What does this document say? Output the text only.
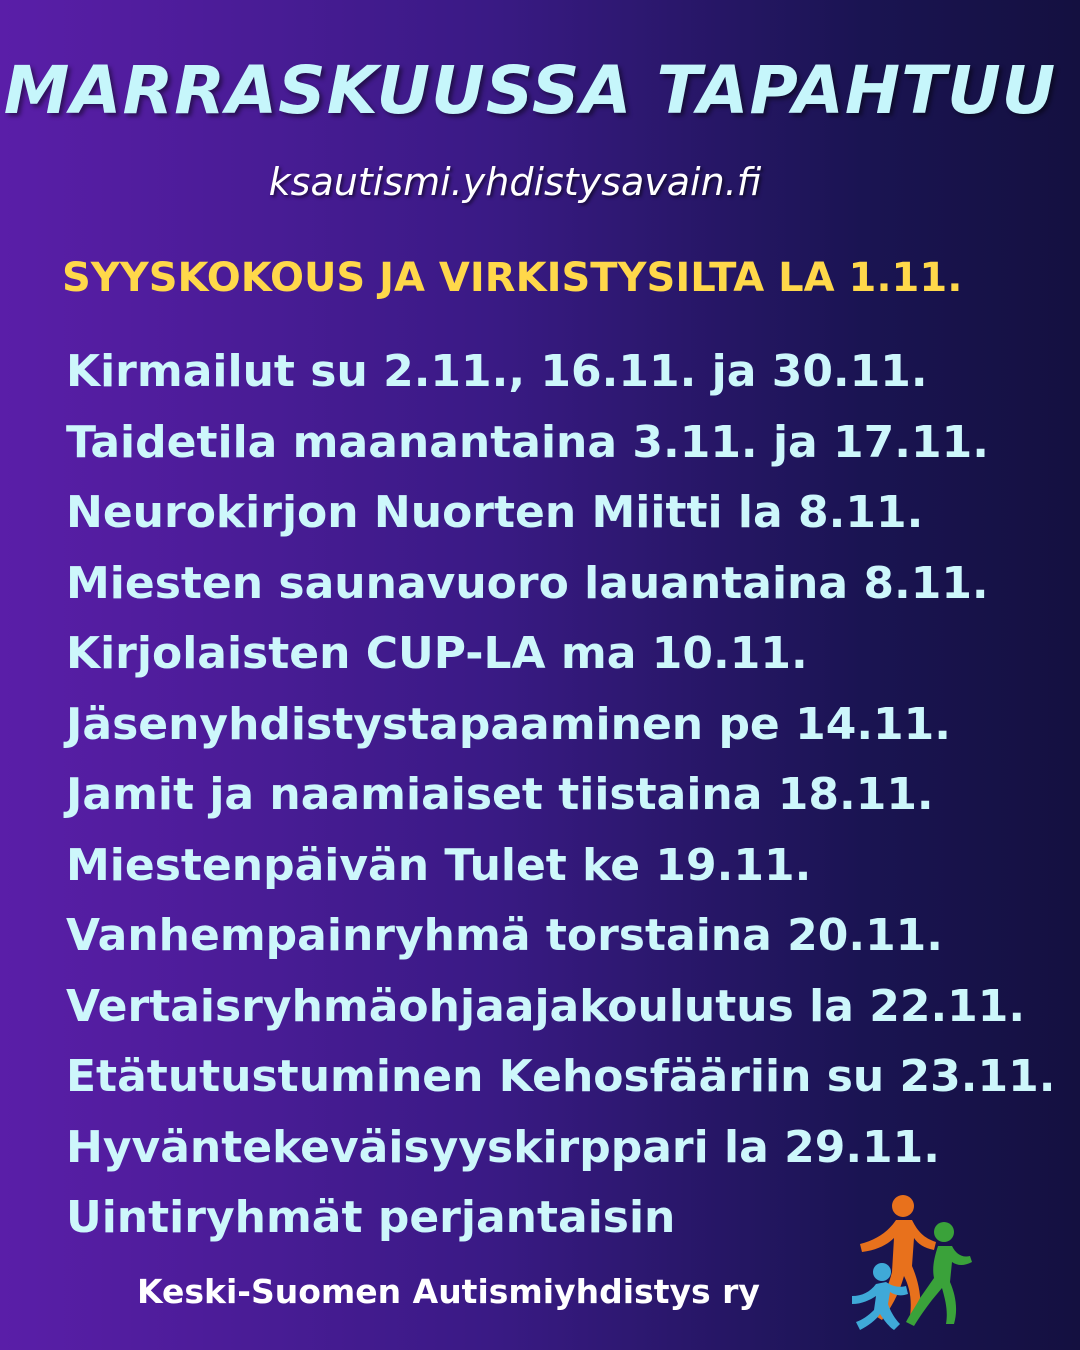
MARRASKUUSSA TAPAHTUU
ksautismi.yhdistysavain.fi
SYYSKOKOUS JA VIRKISTYSILTA LA 1.11.
Kirmailut su 2.11., 16.11. ja 30.11.
Taidetila maanantaina 3.11. ja 17.11.
Neurokirjon Nuorten Miitti la 8.11.
Miesten saunavuoro lauantaina 8.11.
Kirjolaisten CUP-LA ma 10.11.
Jäsenyhdistystapaaminen pe 14.11.
Jamit ja naamiaiset tiistaina 18.11.
Miestenpäivän Tulet ke 19.11.
Vanhempainryhmä torstaina 20.11.
Vertaisryhmäohjaajakoulutus la 22.11.
Etätutustuminen Kehosfääriin su 23.11.
Hyväntekeväisyyskirppari la 29.11.
Uintiryhmät perjantaisin
Keski-Suomen Autismiyhdistys ry
